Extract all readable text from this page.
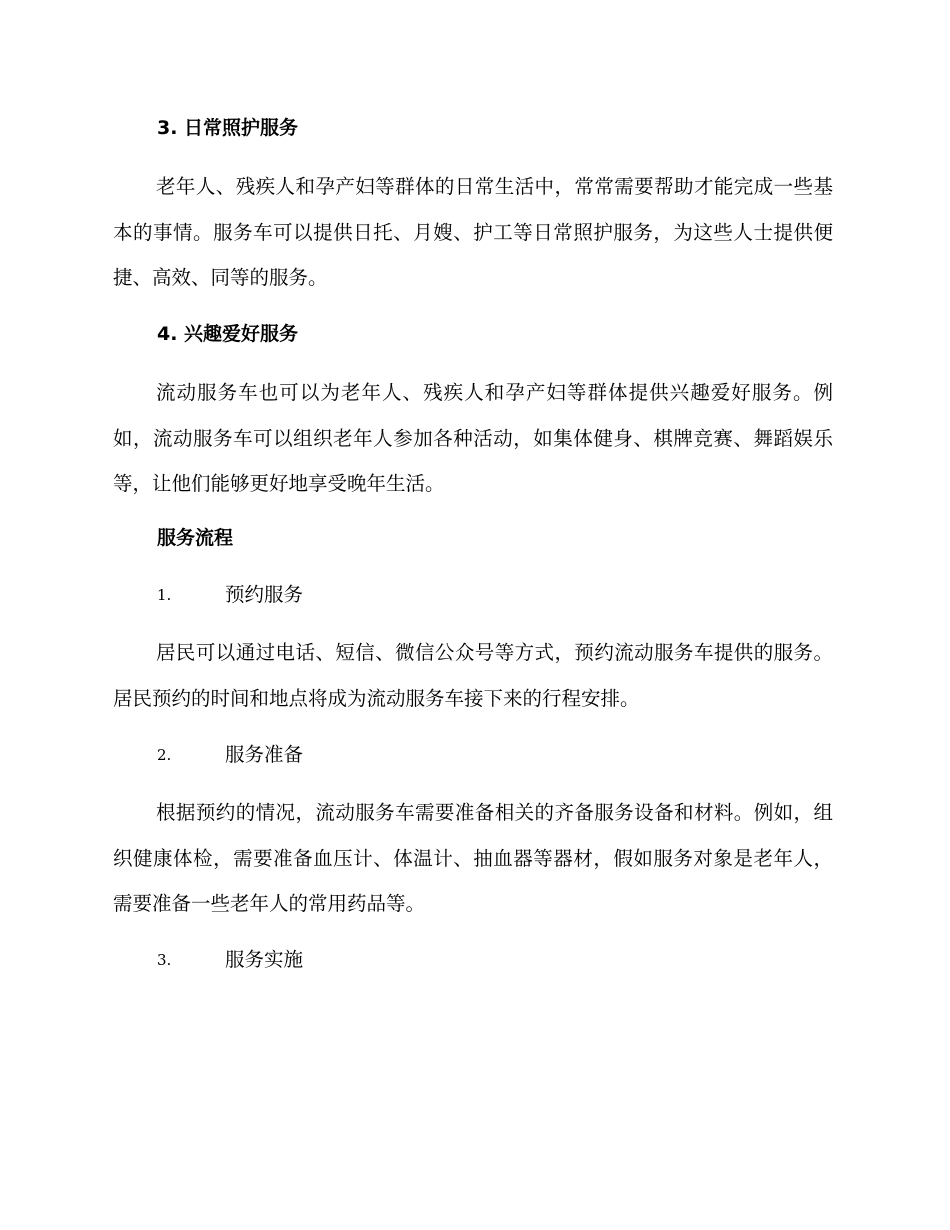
3. 日常照护服务

老年人、残疾人和孕产妇等群体的日常生活中，常常需要帮助才能完成一些基本的事情。服务车可以提供日托、月嫂、护工等日常照护服务，为这些人士提供便捷、高效、同等的服务。

4. 兴趣爱好服务

流动服务车也可以为老年人、残疾人和孕产妇等群体提供兴趣爱好服务。例如，流动服务车可以组织老年人参加各种活动，如集体健身、棋牌竞赛、舞蹈娱乐等，让他们能够更好地享受晚年生活。

服务流程
1.	预约服务

居民可以通过电话、短信、微信公众号等方式，预约流动服务车提供的服务。居民预约的时间和地点将成为流动服务车接下来的行程安排。

2.	服务准备

根据预约的情况，流动服务车需要准备相关的齐备服务设备和材料。例如，组织健康体检，需要准备血压计、体温计、抽血器等器材，假如服务对象是老年人，需要准备一些老年人的常用药品等。

3.	服务实施
